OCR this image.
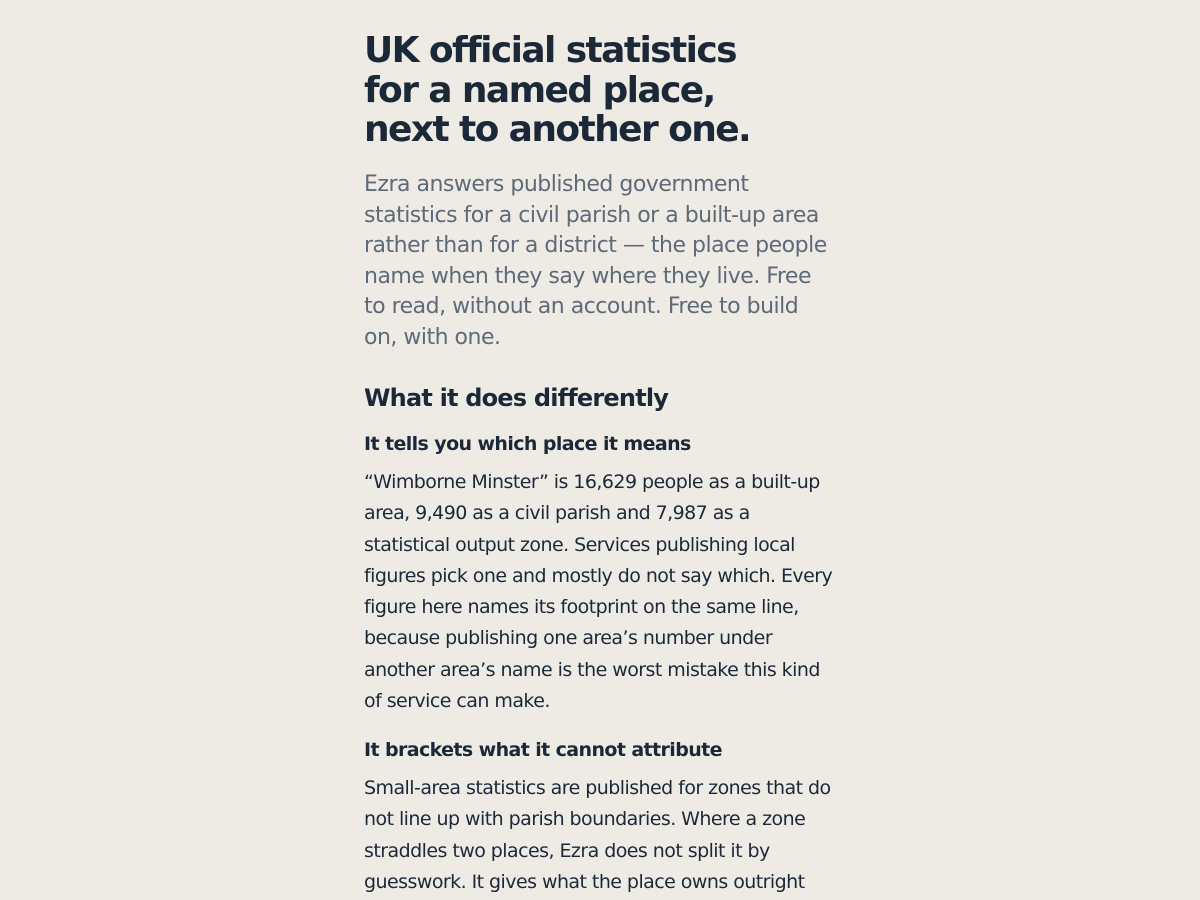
UK official statistics
for a named place,
next to another one.

Ezra answers published government statistics for a civil parish or a built-up area rather than for a district — the place people name when they say where they live. Free to read, without an account. Free to build on, with one.

What it does differently
It tells you which place it means

“Wimborne Minster” is 16,629 people as a built-up area, 9,490 as a civil parish and 7,987 as a statistical output zone. Services publishing local figures pick one and mostly do not say which. Every figure here names its footprint on the same line, because publishing one area’s number under another area’s name is the worst mistake this kind of service can make.

It brackets what it cannot attribute

Small-area statistics are published for zones that do not line up with parish boundaries. Where a zone straddles two places, Ezra does not split it by guesswork. It gives what the place owns outright
